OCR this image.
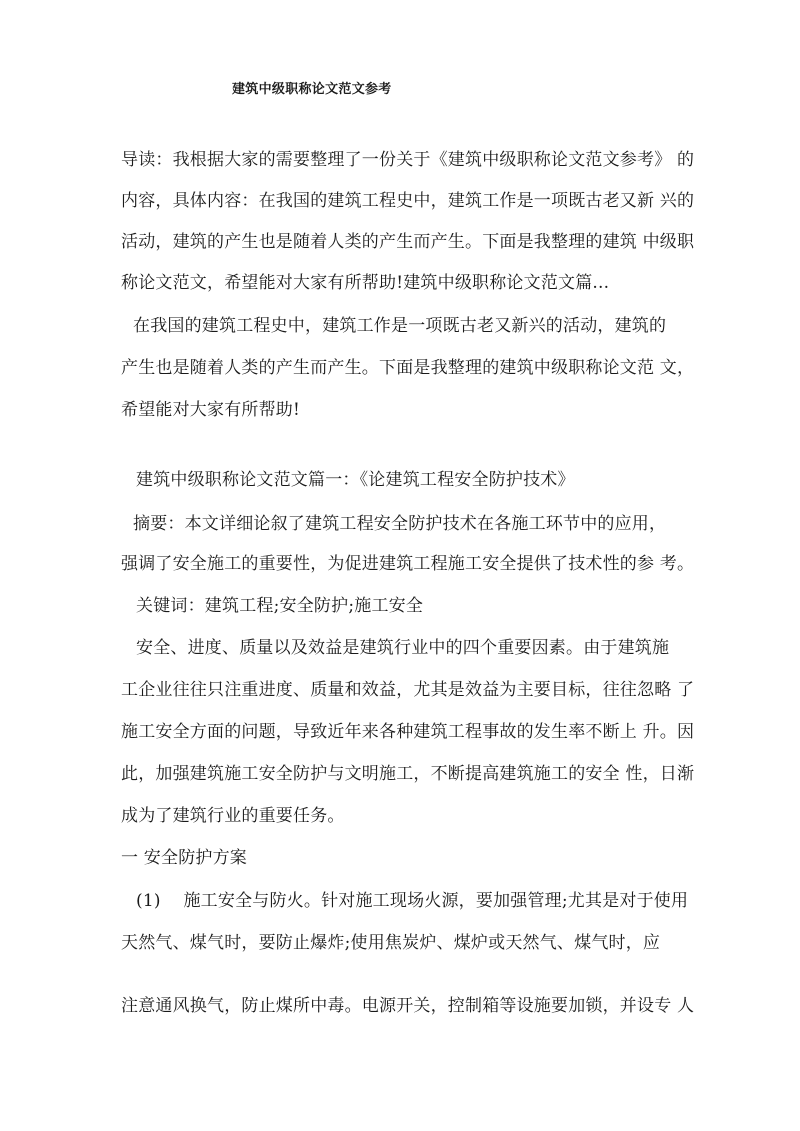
建筑中级职称论文范文参考
导读：我根据大家的需要整理了一份关于《建筑中级职称论文范文参考》 的
内容，具体内容：在我国的建筑工程史中，建筑工作是一项既古老又新 兴的
活动，建筑的产生也是随着人类的产生而产生。下面是我整理的建筑 中级职
称论文范文，希望能对大家有所帮助!建筑中级职称论文范文篇...
在我国的建筑工程史中，建筑工作是一项既古老又新兴的活动，建筑的
产生也是随着人类的产生而产生。下面是我整理的建筑中级职称论文范 文，
希望能对大家有所帮助!
建筑中级职称论文范文篇一：《论建筑工程安全防护技术》
摘要：本文详细论叙了建筑工程安全防护技术在各施工环节中的应用，
强调了安全施工的重要性，为促进建筑工程施工安全提供了技术性的参 考。
关键词：建筑工程;安全防护;施工安全
安全、进度、质量以及效益是建筑行业中的四个重要因素。由于建筑施
工企业往往只注重进度、质量和效益，尤其是效益为主要目标，往往忽略 了
施工安全方面的问题，导致近年来各种建筑工程事故的发生率不断上 升。因
此，加强建筑施工安全防护与文明施工，不断提高建筑施工的安全 性，日渐
成为了建筑行业的重要任务。
一 安全防护方案
(1)　 施工安全与防火。针对施工现场火源，要加强管理;尤其是对于使用
天然气、煤气时，要防止爆炸;使用焦炭炉、煤炉或天然气、煤气时，应
注意通风换气，防止煤所中毒。电源开关，控制箱等设施要加锁，并设专 人
